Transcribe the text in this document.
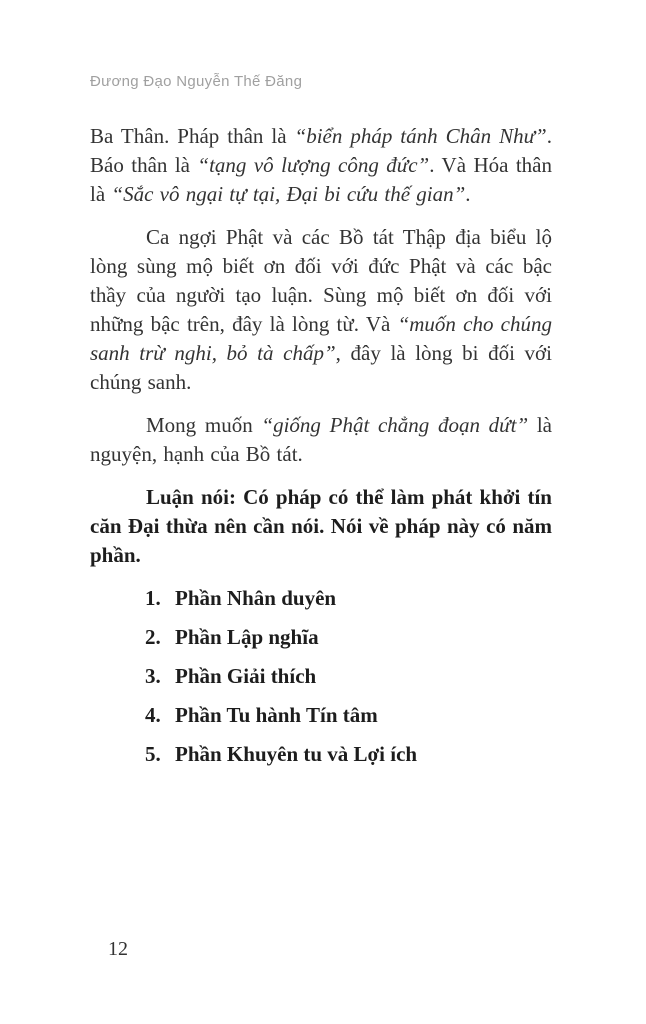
Đương Đạo Nguyễn Thế Đăng

Ba Thân. Pháp thân là “biển pháp tánh Chân Như”. Báo thân là “tạng vô lượng công đức”. Và Hóa thân là “Sắc vô ngại tự tại, Đại bi cứu thế gian”.

Ca ngợi Phật và các Bồ tát Thập địa biểu lộ lòng sùng mộ biết ơn đối với đức Phật và các bậc thầy của người tạo luận. Sùng mộ biết ơn đối với những bậc trên, đây là lòng từ. Và “muốn cho chúng sanh trừ nghi, bỏ tà chấp”, đây là lòng bi đối với chúng sanh.

Mong muốn “giống Phật chẳng đoạn dứt” là nguyện, hạnh của Bồ tát.

Luận nói: Có pháp có thể làm phát khởi tín căn Đại thừa nên cần nói. Nói về pháp này có năm phần.

1. Phần Nhân duyên
2. Phần Lập nghĩa
3. Phần Giải thích
4. Phần Tu hành Tín tâm
5. Phần Khuyên tu và Lợi ích
12
